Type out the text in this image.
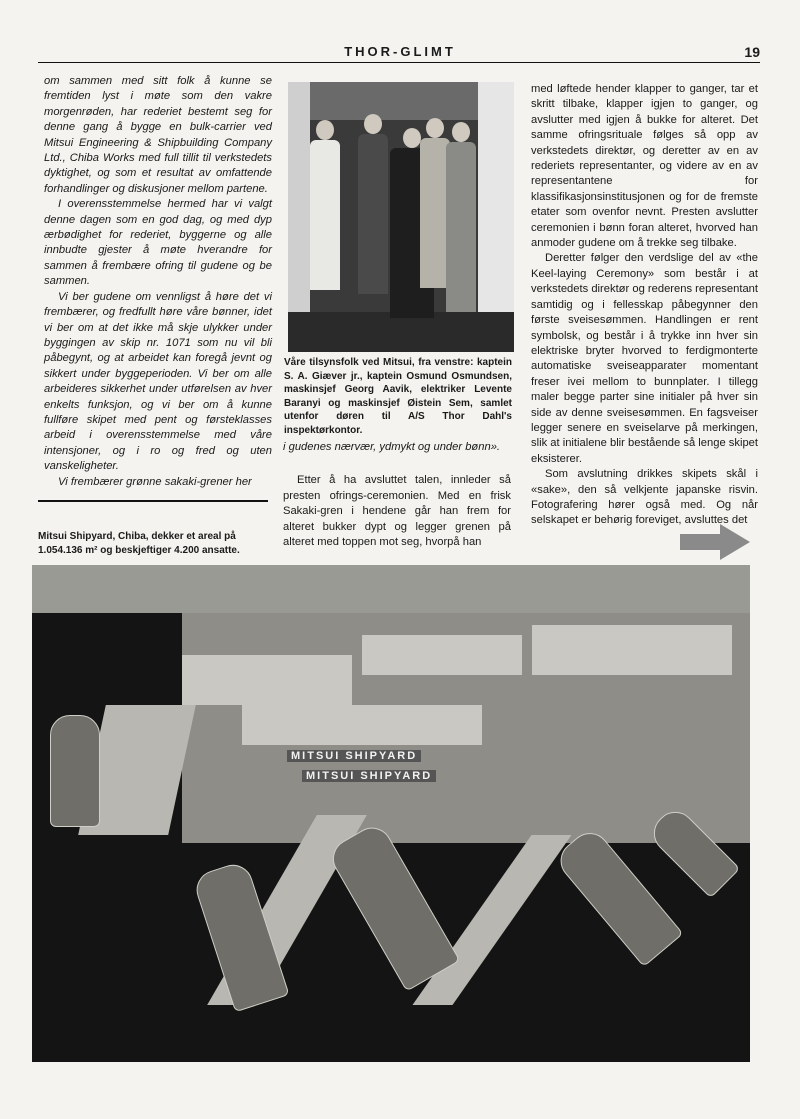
THOR-GLIMT	19

om sammen med sitt folk å kunne se fremtiden lyst i møte som den vakre morgenrøden, har rederiet bestemt seg for denne gang å bygge en bulk-carrier ved Mitsui Engineering & Shipbuilding Company Ltd., Chiba Works med full tillit til verkstedets dyktighet, og som et resultat av omfattende forhandlinger og diskusjoner mellom partene.

I overensstemmelse hermed har vi valgt denne dagen som en god dag, og med dyp ærbødighet for rederiet, byggerne og alle innbudte gjester å møte hverandre for sammen å frembære ofring til gudene og be sammen.

Vi ber gudene om vennligst å høre det vi frembærer, og fredfullt høre våre bønner, idet vi ber om at det ikke må skje ulykker under byggingen av skip nr. 1071 som nu vil bli påbegynt, og at arbeidet kan foregå jevnt og sikkert under byggeperioden. Vi ber om alle arbeideres sikkerhet under utførelsen av hver enkelts funksjon, og vi ber om å kunne fullføre skipet med pent og førsteklasses arbeid i overensstemmelse med våre intensjoner, og i ro og fred og uten vanskeligheter.

Vi frembærer grønne sakaki-grener her

Våre tilsynsfolk ved Mitsui, fra venstre: kaptein S. A. Giæver jr., kaptein Osmund Osmundsen, maskinsjef Georg Aavik, elektriker Levente Baranyi og maskinsjef Øistein Sem, samlet utenfor døren til A/S Thor Dahl's inspektørkontor.

i gudenes nærvær, ydmykt og under bønn».

Etter å ha avsluttet talen, innleder så presten ofrings-ceremonien. Med en frisk Sakaki-gren i hendene går han frem for alteret bukker dypt og legger grenen på alteret med toppen mot seg, hvorpå han

med løftede hender klapper to ganger, tar et skritt tilbake, klapper igjen to ganger, og avslutter med igjen å bukke for alteret. Det samme ofringsrituale følges så opp av verkstedets direktør, og deretter av en av rederiets representanter, og videre av en av representantene for klassifikasjonsinstitusjonen og for de fremste etater som ovenfor nevnt. Presten avslutter ceremonien i bønn foran alteret, hvorved han anmoder gudene om å trekke seg tilbake.

Deretter følger den verdslige del av «the Keel-laying Ceremony» som består i at verkstedets direktør og rederens representant samtidig og i fellesskap påbegynner den første sveisesømmen. Handlingen er rent symbolsk, og består i å trykke inn hver sin elektriske bryter hvorved to ferdigmonterte automatiske sveiseapparater momentant freser ivei mellom to bunnplater. I tillegg maler begge parter sine initialer på hver sin side av denne sveisesømmen. En fagsveiser legger senere en sveiselarve på merkingen, slik at initialene blir bestående så lenge skipet eksisterer.

Som avslutning drikkes skipets skål i «sake», den så velkjente japanske risvin. Fotografering hører også med. Og når selskapet er behørig foreviget, avsluttes det

Mitsui Shipyard, Chiba, dekker et areal på 1.054.136 m² og beskjeftiger 4.200 ansatte.
MITSUI SHIPYARD
MITSUI SHIPYARD
